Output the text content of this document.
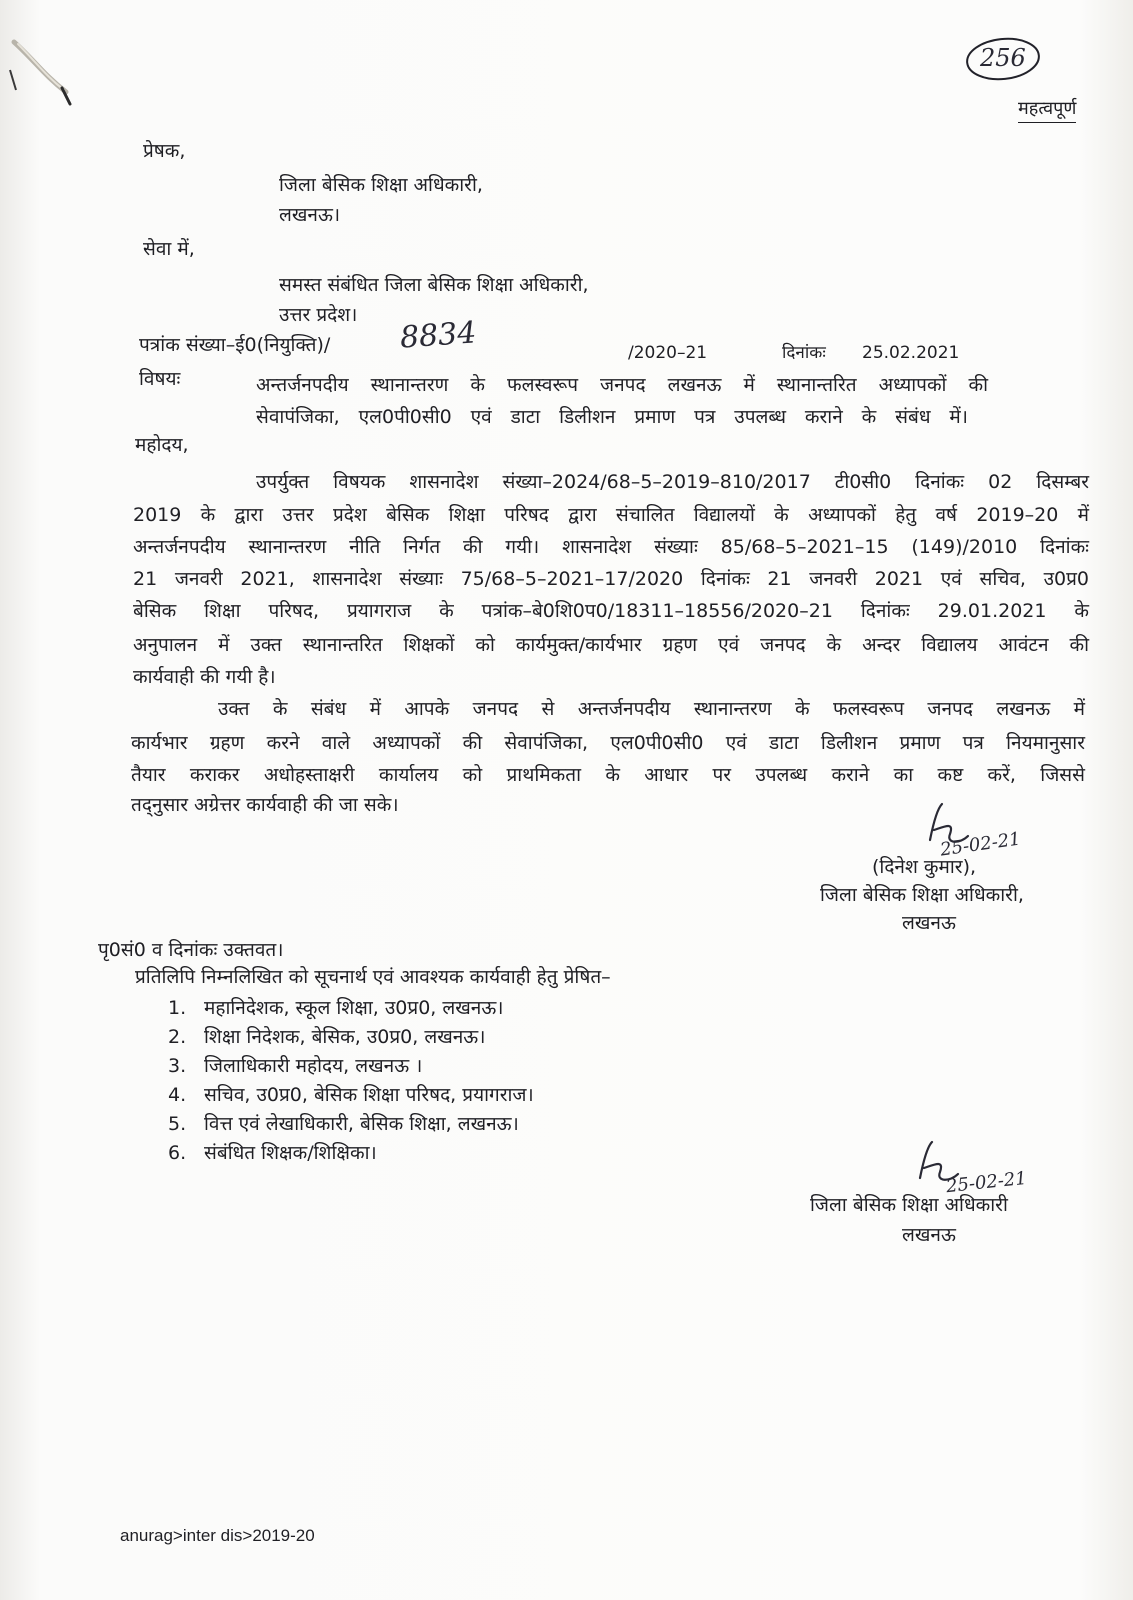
256
महत्वपूर्ण
प्रेषक,
जिला बेसिक शिक्षा अधिकारी,
लखनऊ।
सेवा में,
समस्त संबंधित जिला बेसिक शिक्षा अधिकारी,
उत्तर प्रदेश।
पत्रांक संख्या–ई0(नियुक्ति)/ 8834	/2020–21	दिनांकः 25.02.2021
विषयः	अन्तर्जनपदीय स्थानान्तरण के फलस्वरूप जनपद लखनऊ में स्थानान्तरित अध्यापकों की
सेवापंजिका, एल0पी0सी0 एवं डाटा डिलीशन प्रमाण पत्र उपलब्ध कराने के संबंध में।
महोदय,
उपर्युक्त विषयक शासनादेश संख्या–2024/68–5–2019–810/2017 टी0सी0 दिनांकः 02 दिसम्बर
2019 के द्वारा उत्तर प्रदेश बेसिक शिक्षा परिषद द्वारा संचालित विद्यालयों के अध्यापकों हेतु वर्ष 2019–20 में
अन्तर्जनपदीय स्थानान्तरण नीति निर्गत की गयी। शासनादेश संख्याः 85/68–5–2021–15 (149)/2010 दिनांकः
21 जनवरी 2021, शासनादेश संख्याः 75/68–5–2021–17/2020 दिनांकः 21 जनवरी 2021 एवं सचिव, उ0प्र0
बेसिक शिक्षा परिषद, प्रयागराज के पत्रांक–बे0शि0प0/18311–18556/2020–21 दिनांकः 29.01.2021 के
अनुपालन में उक्त स्थानान्तरित शिक्षकों को कार्यमुक्त/कार्यभार ग्रहण एवं जनपद के अन्दर विद्यालय आवंटन की
कार्यवाही की गयी है।
उक्त के संबंध में आपके जनपद से अन्तर्जनपदीय स्थानान्तरण के फलस्वरूप जनपद लखनऊ में
कार्यभार ग्रहण करने वाले अध्यापकों की सेवापंजिका, एल0पी0सी0 एवं डाटा डिलीशन प्रमाण पत्र नियमानुसार
तैयार कराकर अधोहस्ताक्षरी कार्यालय को प्राथमिकता के आधार पर उपलब्ध कराने का कष्ट करें, जिससे
तद्नुसार अग्रेत्तर कार्यवाही की जा सके।
25-02-21
(दिनेश कुमार),
जिला बेसिक शिक्षा अधिकारी,
लखनऊ
पृ0सं0 व दिनांकः उक्तवत।
प्रतिलिपि निम्नलिखित को सूचनार्थ एवं आवश्यक कार्यवाही हेतु प्रेषित–
1. महानिदेशक, स्कूल शिक्षा, उ0प्र0, लखनऊ।
2. शिक्षा निदेशक, बेसिक, उ0प्र0, लखनऊ।
3. जिलाधिकारी महोदय, लखनऊ ।
4. सचिव, उ0प्र0, बेसिक शिक्षा परिषद, प्रयागराज।
5. वित्त एवं लेखाधिकारी, बेसिक शिक्षा, लखनऊ।
6. संबंधित शिक्षक/शिक्षिका।
25-02-21
जिला बेसिक शिक्षा अधिकारी
लखनऊ
anurag>inter dis>2019-20
